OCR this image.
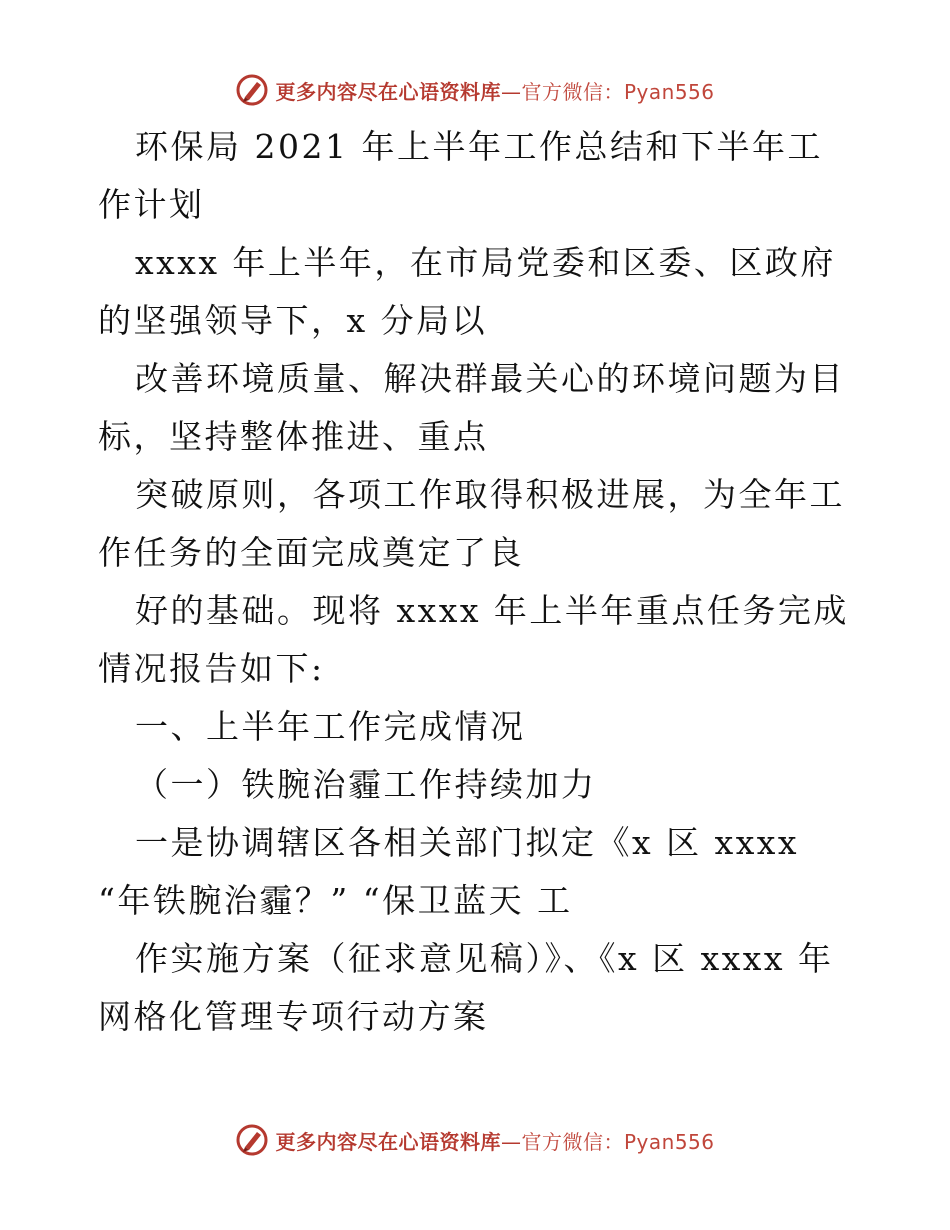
更多内容尽在心语资料库—官方微信：Pyan556

环保局 2021 年上半年工作总结和下半年工作计划

xxxx 年上半年，在市局党委和区委、区政府的坚强领导下，x 分局以

改善环境质量、解决群最关心的环境问题为目标，坚持整体推进、重点

突破原则，各项工作取得积极进展，为全年工作任务的全面完成奠定了良

好的基础。现将 xxxx 年上半年重点任务完成情况报告如下:

一、上半年工作完成情况

（一）铁腕治霾工作持续加力

一是协调辖区各相关部门拟定《x 区 xxxx “年铁腕治霾？” “保卫蓝天 工

作实施方案（征求意见稿）》、《x 区 xxxx 年网格化管理专项行动方案

更多内容尽在心语资料库—官方微信：Pyan556
